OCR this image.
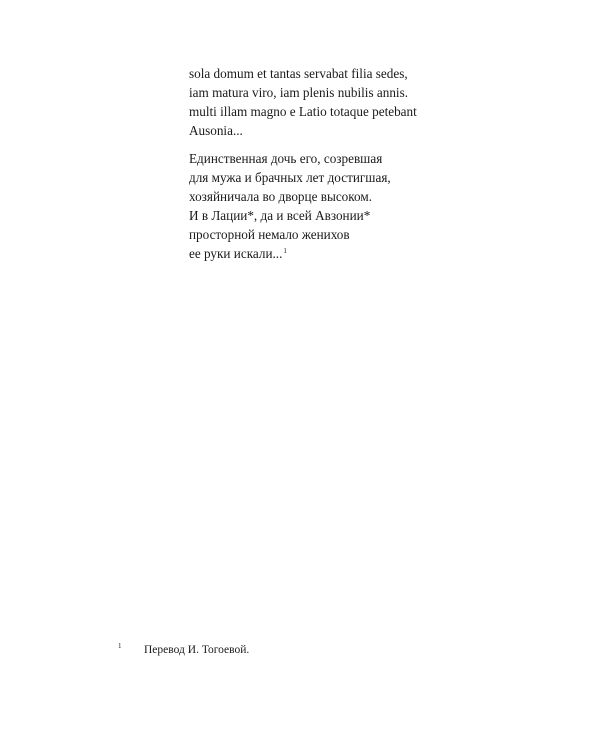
sola domum et tantas servabat filia sedes,
iam matura viro, iam plenis nubilis annis.
multi illam magno e Latio totaque petebant
Ausonia...
Единственная дочь его, созревшая
для мужа и брачных лет достигшая,
хозяйничала во дворце высоком.
И в Лации*, да и всей Авзонии*
просторной немало женихов
ее руки искали...$^1$
1 Перевод И. Тогоевой.
